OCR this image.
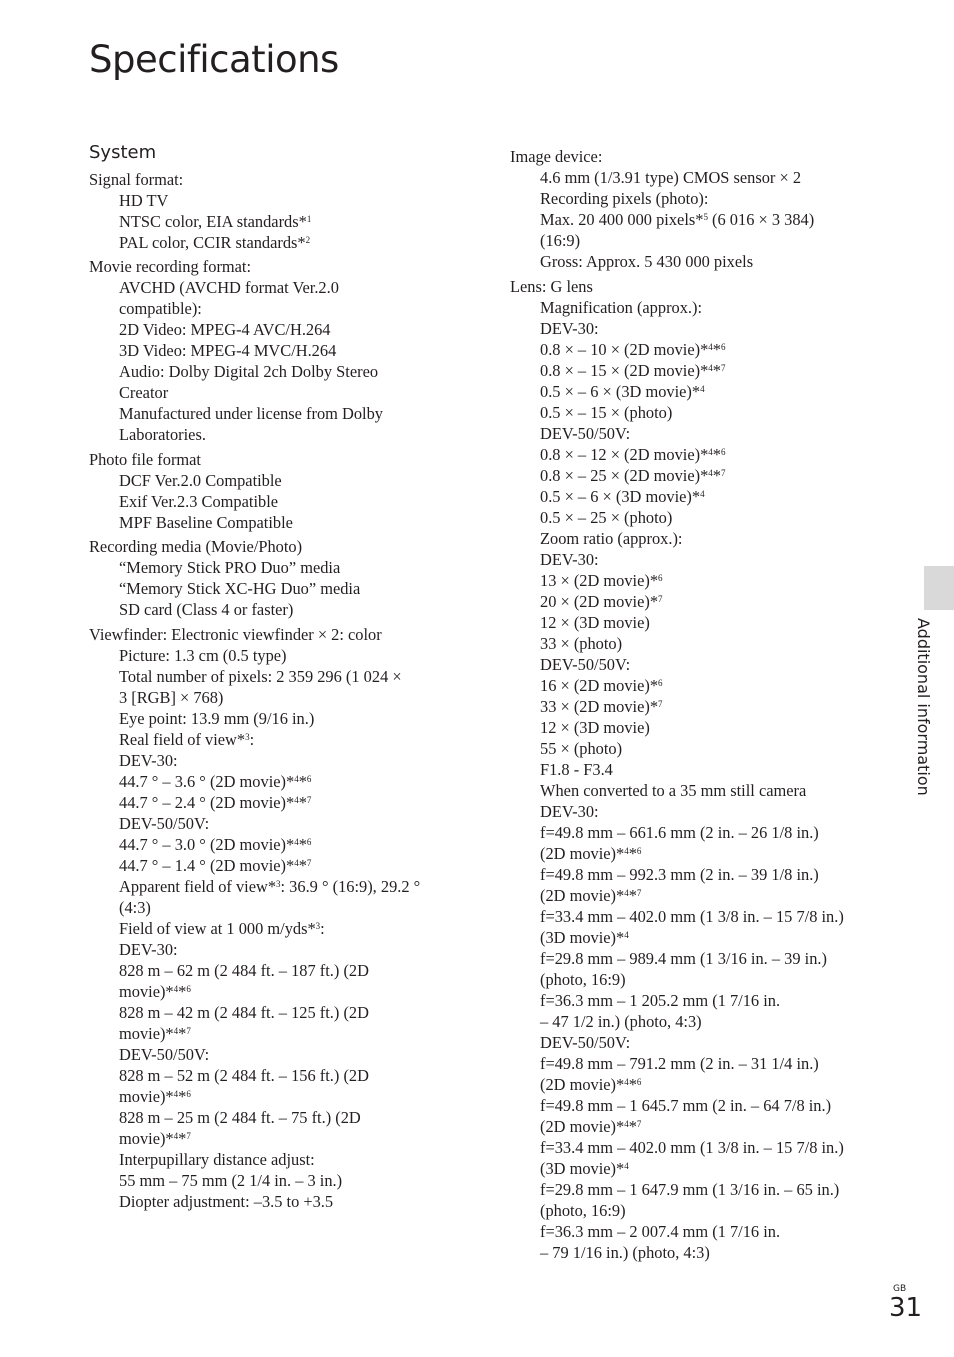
Specifications
System
Signal format:
HD TV
NTSC color, EIA standards*$^1$
PAL color, CCIR standards*$^2$
Movie recording format:
AVCHD (AVCHD format Ver.2.0
compatible):
2D Video: MPEG-4 AVC/H.264
3D Video: MPEG-4 MVC/H.264
Audio: Dolby Digital 2ch Dolby Stereo
Creator
Manufactured under license from Dolby
Laboratories.
Photo file format
DCF Ver.2.0 Compatible
Exif Ver.2.3 Compatible
MPF Baseline Compatible
Recording media (Movie/Photo)
“Memory Stick PRO Duo” media
“Memory Stick XC-HG Duo” media
SD card (Class 4 or faster)
Viewfinder: Electronic viewfinder × 2: color
Picture: 1.3 cm (0.5 type)
Total number of pixels: 2 359 296 (1 024 ×
3 [RGB] × 768)
Eye point: 13.9 mm (9/16 in.)
Real field of view*$^3$:
DEV-30:
44.7 ° – 3.6 ° (2D movie)*$^4$*$^6$
44.7 ° – 2.4 ° (2D movie)*$^4$*$^7$
DEV-50/50V:
44.7 ° – 3.0 ° (2D movie)*$^4$*$^6$
44.7 ° – 1.4 ° (2D movie)*$^4$*$^7$
Apparent field of view*$^3$: 36.9 ° (16:9), 29.2 °
(4:3)
Field of view at 1 000 m/yds*$^3$:
DEV-30:
828 m – 62 m (2 484 ft. – 187 ft.) (2D
movie)*$^4$*$^6$
828 m – 42 m (2 484 ft. – 125 ft.) (2D
movie)*$^4$*$^7$
DEV-50/50V:
828 m – 52 m (2 484 ft. – 156 ft.) (2D
movie)*$^4$*$^6$
828 m – 25 m (2 484 ft. – 75 ft.) (2D
movie)*$^4$*$^7$
Interpupillary distance adjust:
55 mm – 75 mm (2 1/4 in. – 3 in.)
Diopter adjustment: –3.5 to +3.5
Image device:
4.6 mm (1/3.91 type) CMOS sensor × 2
Recording pixels (photo):
Max. 20 400 000 pixels*$^5$ (6 016 × 3 384)
(16:9)
Gross: Approx. 5 430 000 pixels
Lens: G lens
Magnification (approx.):
DEV-30:
0.8 × – 10 × (2D movie)*$^4$*$^6$
0.8 × – 15 × (2D movie)*$^4$*$^7$
0.5 × – 6 × (3D movie)*$^4$
0.5 × – 15 × (photo)
DEV-50/50V:
0.8 × – 12 × (2D movie)*$^4$*$^6$
0.8 × – 25 × (2D movie)*$^4$*$^7$
0.5 × – 6 × (3D movie)*$^4$
0.5 × – 25 × (photo)
Zoom ratio (approx.):
DEV-30:
13 × (2D movie)*$^6$
20 × (2D movie)*$^7$
12 × (3D movie)
33 × (photo)
DEV-50/50V:
16 × (2D movie)*$^6$
33 × (2D movie)*$^7$
12 × (3D movie)
55 × (photo)
F1.8 - F3.4
When converted to a 35 mm still camera
DEV-30:
f=49.8 mm – 661.6 mm (2 in. – 26 1/8 in.)
(2D movie)*$^4$*$^6$
f=49.8 mm – 992.3 mm (2 in. – 39 1/8 in.)
(2D movie)*$^4$*$^7$
f=33.4 mm – 402.0 mm (1 3/8 in. – 15 7/8 in.)
(3D movie)*$^4$
f=29.8 mm – 989.4 mm (1 3/16 in. – 39 in.)
(photo, 16:9)
f=36.3 mm – 1 205.2 mm (1 7/16 in.
– 47 1/2 in.) (photo, 4:3)
DEV-50/50V:
f=49.8 mm – 791.2 mm (2 in. – 31 1/4 in.)
(2D movie)*$^4$*$^6$
f=49.8 mm – 1 645.7 mm (2 in. – 64 7/8 in.)
(2D movie)*$^4$*$^7$
f=33.4 mm – 402.0 mm (1 3/8 in. – 15 7/8 in.)
(3D movie)*$^4$
f=29.8 mm – 1 647.9 mm (1 3/16 in. – 65 in.)
(photo, 16:9)
f=36.3 mm – 2 007.4 mm (1 7/16 in.
– 79 1/16 in.) (photo, 4:3)
Additional information
GB
31
